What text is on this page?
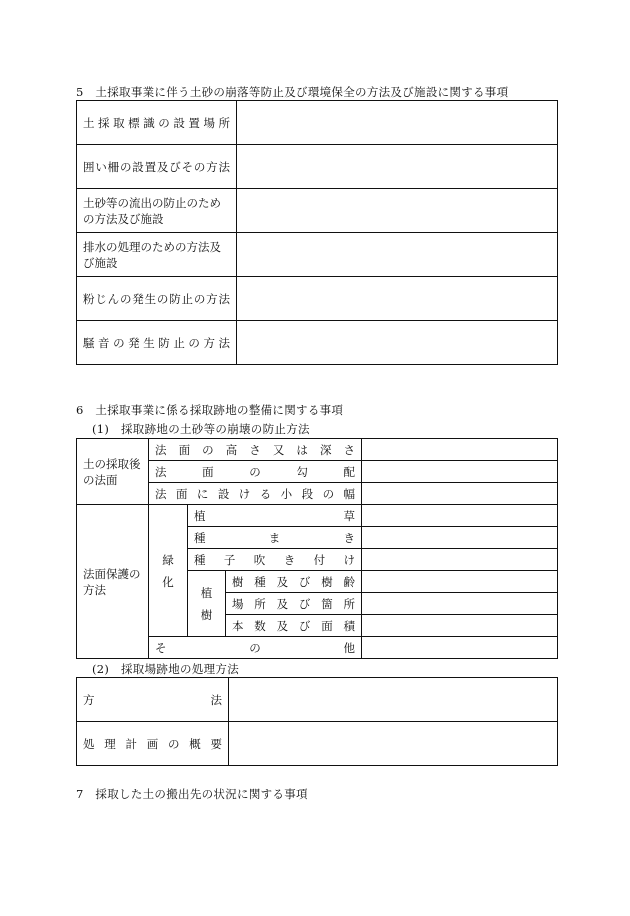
5　土採取事業に伴う土砂の崩落等防止及び環境保全の方法及び施設に関する事項
土採取標識の設置場所	
囲い柵の設置及びその方法	
土砂等の流出の防止のための方法及び施設	
排水の処理のための方法及び施設	
粉じんの発生の防止の方法	
騒音の発生防止の方法	
6　土採取事業に係る採取跡地の整備に関する事項
(1)　採取跡地の土砂等の崩壊の防止方法
土の採取後の法面	法面の高さ又は深さ			
	法面の勾配			
	法面に設ける小段の幅			
法面保護の方法	緑化	植草		
		種まき		
		種子吹き付け		
		植樹	樹種及び樹齢	
			場所及び箇所	
			本数及び面積	
	その他			
(2)　採取場跡地の処理方法
方法	
処理計画の概要	
7　採取した土の搬出先の状況に関する事項
